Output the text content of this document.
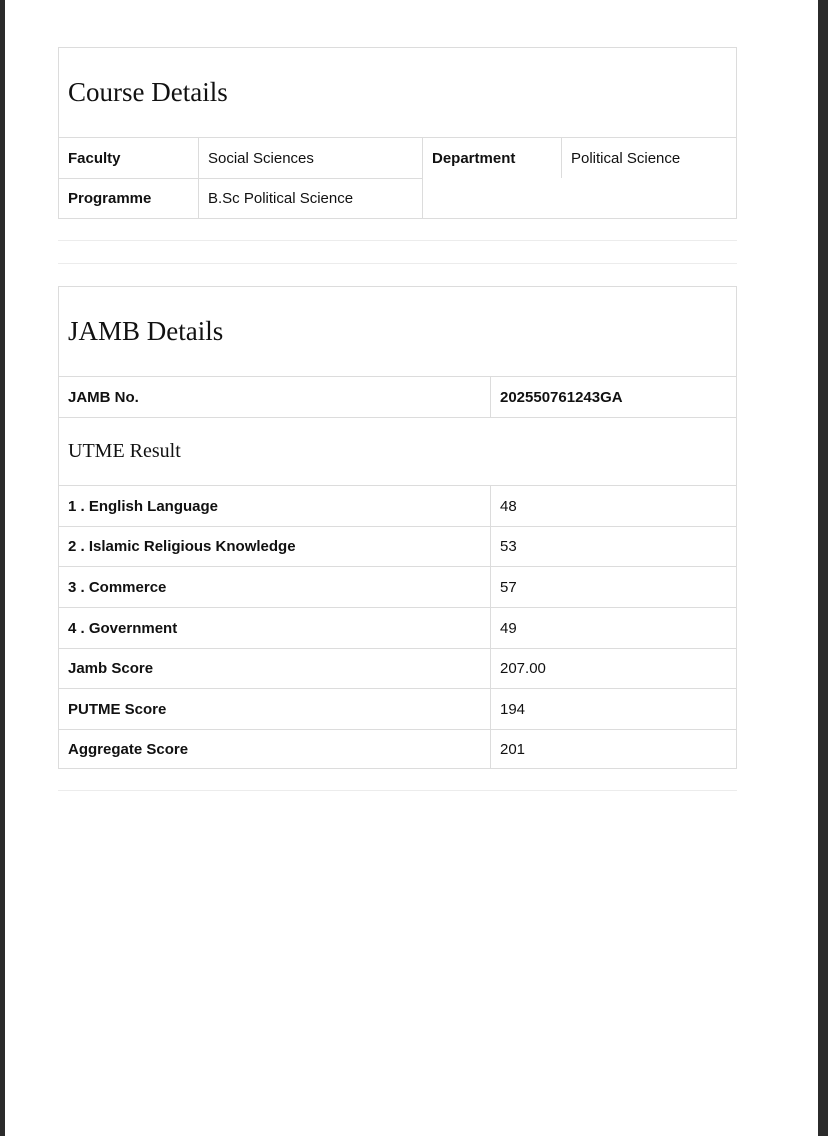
Course Details
Faculty	Social Sciences	Department	Political Science
Programme	B.Sc Political Science
JAMB Details
JAMB No.	202550761243GA
UTME Result
1 . English Language	48
2 . Islamic Religious Knowledge	53
3 . Commerce	57
4 . Government	49
Jamb Score	207.00
PUTME Score	194
Aggregate Score	201
